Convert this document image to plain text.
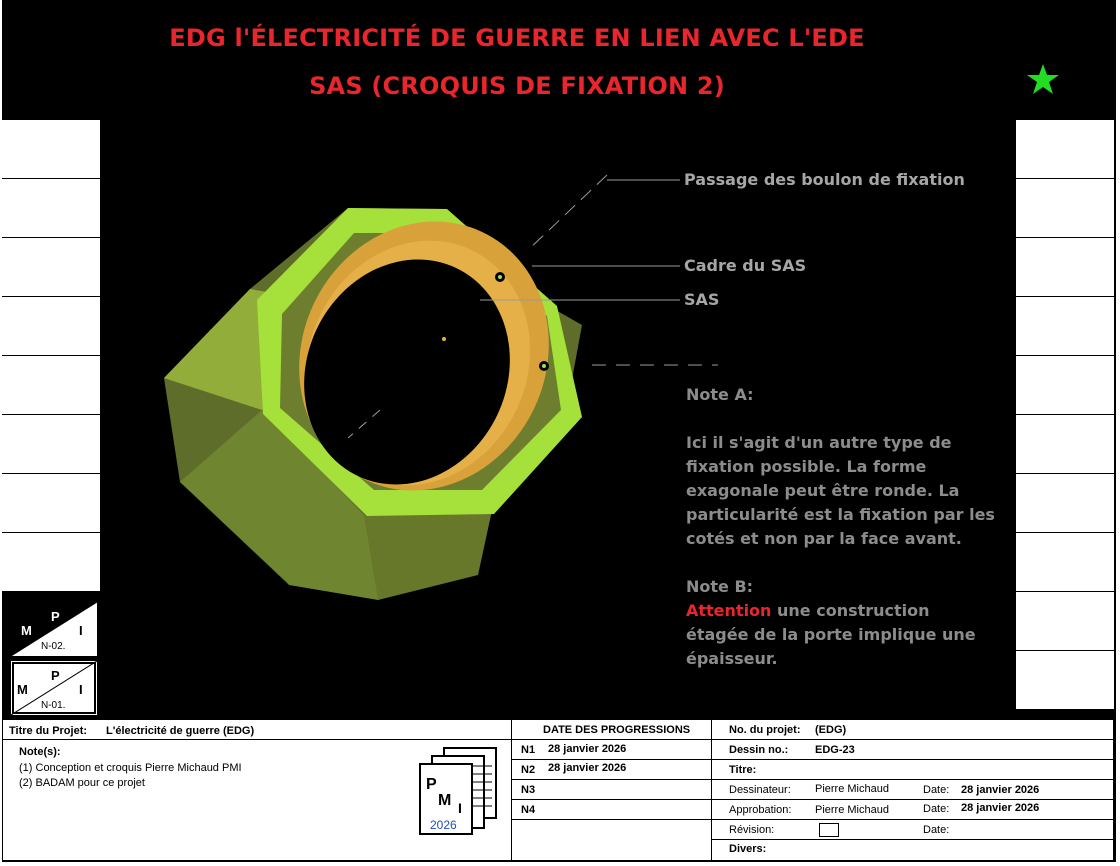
EDG l'ÉLECTRICITÉ DE GUERRE EN LIEN AVEC L'EDE
SAS (CROQUIS DE FIXATION 2)
Passage des boulon de fixation
Cadre du SAS
SAS
Note A:
Ici il s'agit d'un autre type de
fixation possible. La forme
exagonale peut être ronde. La
particularité est la fixation par les
cotés et non par la face avant.
Note B:
Attention une construction
étagée de la porte implique une
épaisseur.
M
P
I
N-02.
M
P
I
N-01.
Titre du Projet: L'électricité de guerre (EDG)
Note(s):
(1) Conception et croquis Pierre Michaud PMI
(2) BADAM pour ce projet	P
M I
2026
DATE DES PROGRESSIONS
N1 28 janvier 2026
N2 28 janvier 2026
N3
N4
No. du projet: (EDG)
Dessin no.: EDG-23
Titre:
Dessinateur: Pierre Michaud	Date: 28 janvier 2026
Approbation: Pierre Michaud	Date: 28 janvier 2026
Révision:	Date:
Divers:
